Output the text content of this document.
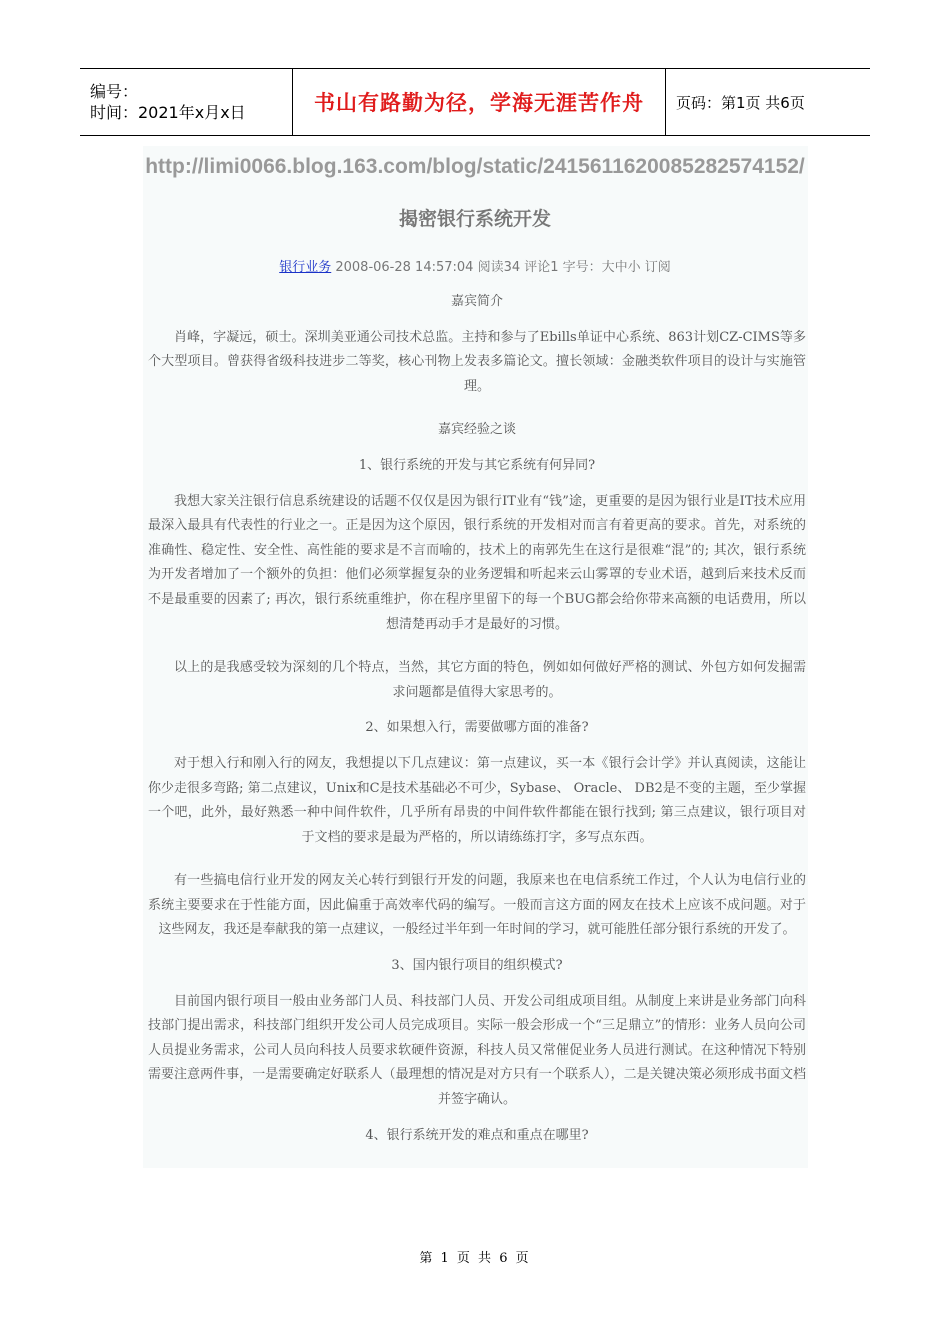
编号：
时间：2021年x月x日	书山有路勤为径，学海无涯苦作舟 页码：第1页 共6页
http://limi0066.blog.163.com/blog/static/2415611620085282574152/
揭密银行系统开发
银行业务 2008-06-28 14:57:04 阅读34 评论1 字号：大中小 订阅
嘉宾简介
肖峰，字凝远，硕士。深圳美亚通公司技术总监。主持和参与了Ebills单证中心系统、863计划CZ-CIMS等多个大型项目。曾获得省级科技进步二等奖，核心刊物上发表多篇论文。擅长领域：金融类软件项目的设计与实施管理。
嘉宾经验之谈
1、银行系统的开发与其它系统有何异同?
我想大家关注银行信息系统建设的话题不仅仅是因为银行IT业有“钱”途，更重要的是因为银行业是IT技术应用最深入最具有代表性的行业之一。正是因为这个原因，银行系统的开发相对而言有着更高的要求。首先，对系统的准确性、稳定性、安全性、高性能的要求是不言而喻的，技术上的南郭先生在这行是很难“混”的; 其次，银行系统为开发者增加了一个额外的负担：他们必须掌握复杂的业务逻辑和听起来云山雾罩的专业术语，越到后来技术反而不是最重要的因素了; 再次，银行系统重维护，你在程序里留下的每一个BUG都会给你带来高额的电话费用，所以想清楚再动手才是最好的习惯。
以上的是我感受较为深刻的几个特点，当然，其它方面的特色，例如如何做好严格的测试、外包方如何发掘需求问题都是值得大家思考的。
2、如果想入行，需要做哪方面的准备?
对于想入行和刚入行的网友，我想提以下几点建议：第一点建议，买一本《银行会计学》并认真阅读，这能让你少走很多弯路; 第二点建议，Unix和C是技术基础必不可少，Sybase、 Oracle、 DB2是不变的主题，至少掌握一个吧，此外，最好熟悉一种中间件软件，几乎所有昂贵的中间件软件都能在银行找到; 第三点建议，银行项目对于文档的要求是最为严格的，所以请练练打字，多写点东西。
有一些搞电信行业开发的网友关心转行到银行开发的问题，我原来也在电信系统工作过，个人认为电信行业的系统主要要求在于性能方面，因此偏重于高效率代码的编写。一般而言这方面的网友在技术上应该不成问题。对于这些网友，我还是奉献我的第一点建议，一般经过半年到一年时间的学习，就可能胜任部分银行系统的开发了。
3、国内银行项目的组织模式?
目前国内银行项目一般由业务部门人员、科技部门人员、开发公司组成项目组。从制度上来讲是业务部门向科技部门提出需求，科技部门组织开发公司人员完成项目。实际一般会形成一个“三足鼎立”的情形：业务人员向公司人员提业务需求，公司人员向科技人员要求软硬件资源，科技人员又常催促业务人员进行测试。在这种情况下特别需要注意两件事，一是需要确定好联系人（最理想的情况是对方只有一个联系人），二是关键决策必须形成书面文档并签字确认。
4、银行系统开发的难点和重点在哪里?
第 1 页 共 6 页
